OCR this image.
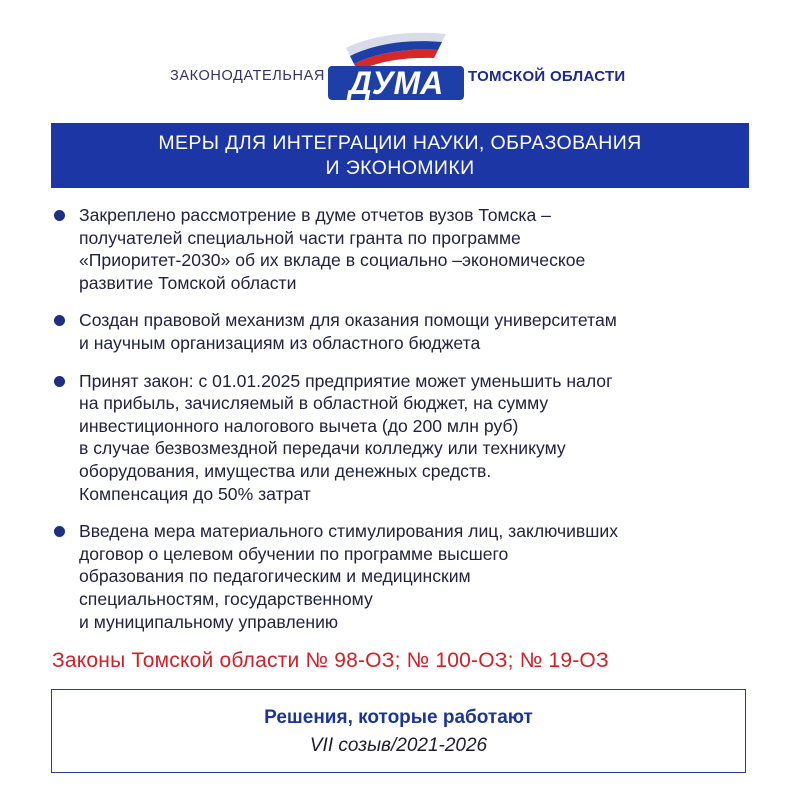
ЗАКОНОДАТЕЛЬНАЯ ДУМА ТОМСКОЙ ОБЛАСТИ
МЕРЫ ДЛЯ ИНТЕГРАЦИИ НАУКИ, ОБРАЗОВАНИЯ
И ЭКОНОМИКИ
Закреплено рассмотрение в думе отчетов вузов Томска –
получателей специальной части гранта по программе
«Приоритет-2030» об их вкладе в социально –экономическое
развитие Томской области
Создан правовой механизм для оказания помощи университетам
и научным организациям из областного бюджета
Принят закон: с 01.01.2025 предприятие может уменьшить налог
на прибыль, зачисляемый в областной бюджет, на сумму
инвестиционного налогового вычета (до 200 млн руб)
в случае безвозмездной передачи колледжу или техникуму
оборудования, имущества или денежных средств.
Компенсация до 50% затрат
Введена мера материального стимулирования лиц, заключивших
договор о целевом обучении по программе высшего
образования по педагогическим и медицинским
специальностям, государственному
и муниципальному управлению
Законы Томской области № 98-ОЗ; № 100-ОЗ; № 19-ОЗ
Решения, которые работают
VII созыв/2021-2026
